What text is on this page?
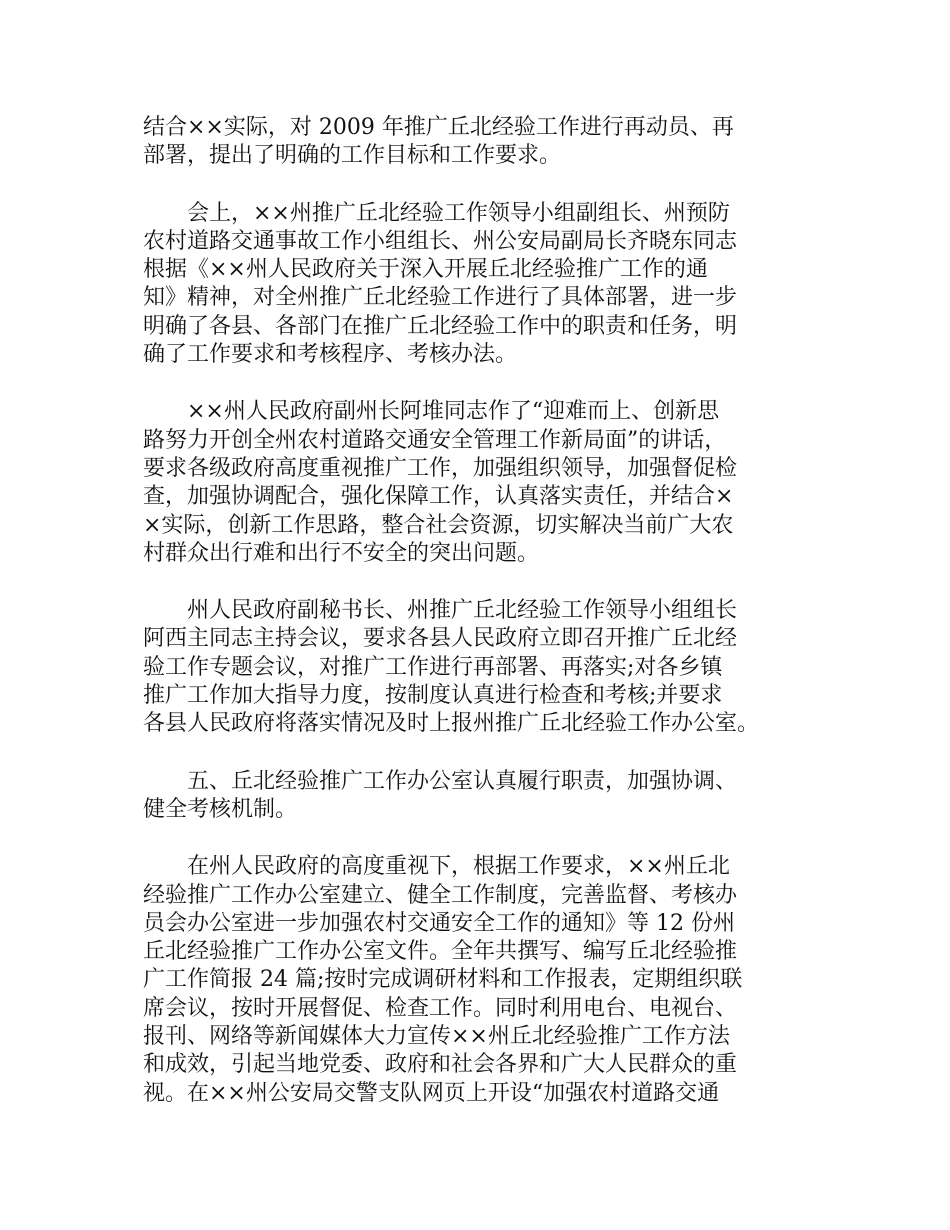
结合××实际，对 2009 年推广丘北经验工作进行再动员、再
部署，提出了明确的工作目标和工作要求。

　　会上，××州推广丘北经验工作领导小组副组长、州预防
农村道路交通事故工作小组组长、州公安局副局长齐晓东同志
根据《××州人民政府关于深入开展丘北经验推广工作的通
知》精神，对全州推广丘北经验工作进行了具体部署，进一步
明确了各县、各部门在推广丘北经验工作中的职责和任务，明
确了工作要求和考核程序、考核办法。

　　××州人民政府副州长阿堆同志作了“迎难而上、创新思
路努力开创全州农村道路交通安全管理工作新局面”的讲话，
要求各级政府高度重视推广工作，加强组织领导，加强督促检
查，加强协调配合，强化保障工作，认真落实责任，并结合×
×实际，创新工作思路，整合社会资源，切实解决当前广大农
村群众出行难和出行不安全的突出问题。

　　州人民政府副秘书长、州推广丘北经验工作领导小组组长
阿西主同志主持会议，要求各县人民政府立即召开推广丘北经
验工作专题会议，对推广工作进行再部署、再落实;对各乡镇
推广工作加大指导力度，按制度认真进行检查和考核;并要求
各县人民政府将落实情况及时上报州推广丘北经验工作办公室。

　　五、丘北经验推广工作办公室认真履行职责，加强协调、
健全考核机制。

　　在州人民政府的高度重视下，根据工作要求，××州丘北
经验推广工作办公室建立、健全工作制度，完善监督、考核办
员会办公室进一步加强农村交通安全工作的通知》等 12 份州
丘北经验推广工作办公室文件。全年共撰写、编写丘北经验推
广工作简报 24 篇;按时完成调研材料和工作报表，定期组织联
席会议，按时开展督促、检查工作。同时利用电台、电视台、
报刊、网络等新闻媒体大力宣传××州丘北经验推广工作方法
和成效，引起当地党委、政府和社会各界和广大人民群众的重
视。在××州公安局交警支队网页上开设“加强农村道路交通
